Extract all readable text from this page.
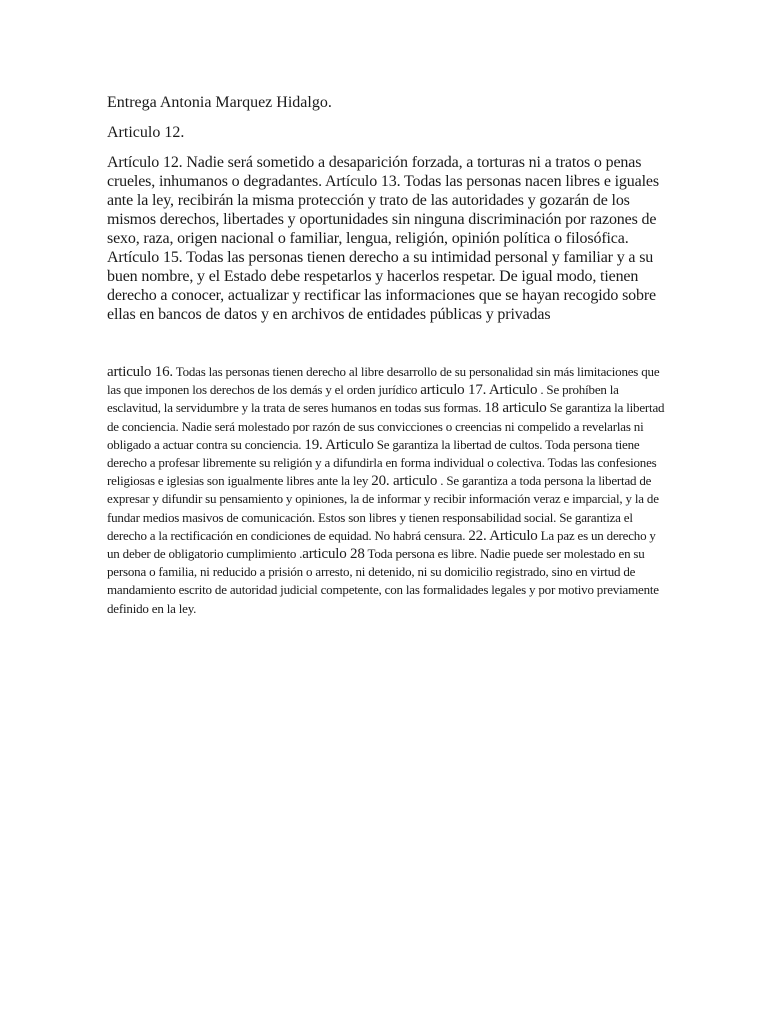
Entrega Antonia Marquez Hidalgo.

Articulo 12.

Artículo 12. Nadie será sometido a desaparición forzada, a torturas ni a tratos o penas crueles, inhumanos o degradantes. Artículo 13. Todas las personas nacen libres e iguales ante la ley, recibirán la misma protección y trato de las autoridades y gozarán de los mismos derechos, libertades y oportunidades sin ninguna discriminación por razones de sexo, raza, origen nacional o familiar, lengua, religión, opinión política o filosófica. Artículo 15. Todas las personas tienen derecho a su intimidad personal y familiar y a su buen nombre, y el Estado debe respetarlos y hacerlos respetar. De igual modo, tienen derecho a conocer, actualizar y rectificar las informaciones que se hayan recogido sobre ellas en bancos de datos y en archivos de entidades públicas y privadas

articulo 16. Todas las personas tienen derecho al libre desarrollo de su personalidad sin más limitaciones que las que imponen los derechos de los demás y el orden jurídico articulo 17. Articulo . Se prohíben la esclavitud, la servidumbre y la trata de seres humanos en todas sus formas. 18 articulo Se garantiza la libertad de conciencia. Nadie será molestado por razón de sus convicciones o creencias ni compelido a revelarlas ni obligado a actuar contra su conciencia. 19. Articulo Se garantiza la libertad de cultos. Toda persona tiene derecho a profesar libremente su religión y a difundirla en forma individual o colectiva. Todas las confesiones religiosas e iglesias son igualmente libres ante la ley 20. articulo . Se garantiza a toda persona la libertad de expresar y difundir su pensamiento y opiniones, la de informar y recibir información veraz e imparcial, y la de fundar medios masivos de comunicación. Estos son libres y tienen responsabilidad social. Se garantiza el derecho a la rectificación en condiciones de equidad. No habrá censura. 22. Articulo La paz es un derecho y un deber de obligatorio cumplimiento .articulo 28 Toda persona es libre. Nadie puede ser molestado en su persona o familia, ni reducido a prisión o arresto, ni detenido, ni su domicilio registrado, sino en virtud de mandamiento escrito de autoridad judicial competente, con las formalidades legales y por motivo previamente definido en la ley.
